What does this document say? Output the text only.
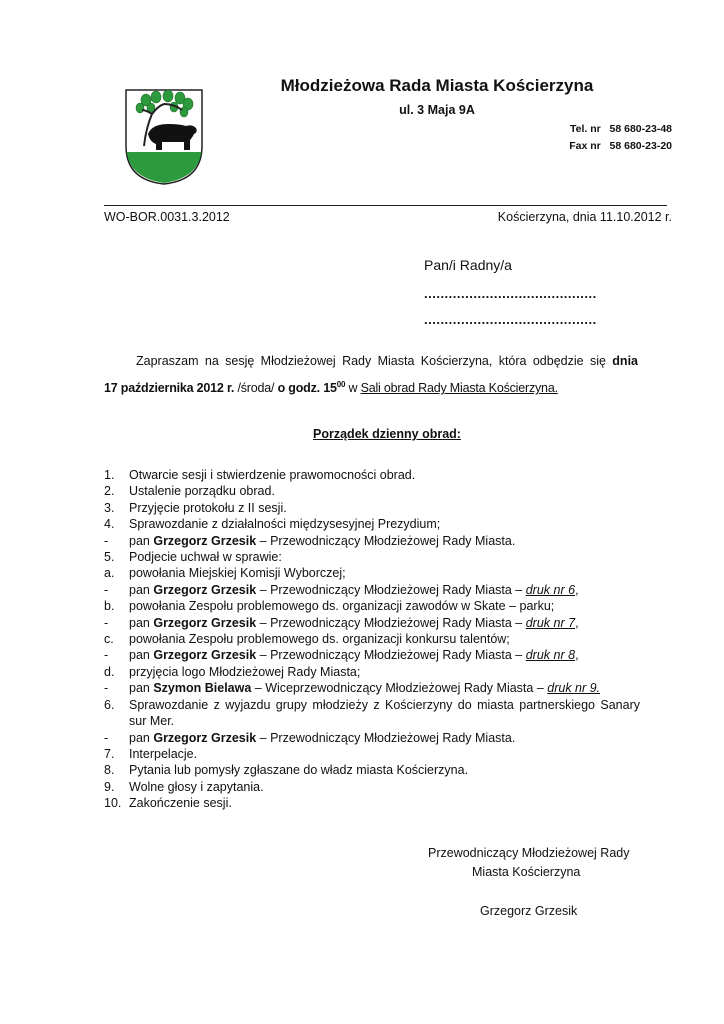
Młodzieżowa Rada Miasta Kościerzyna
ul. 3 Maja 9A
Tel. nr 58 680-23-48
Fax nr 58 680-23-20
WO-BOR.0031.3.2012	Kościerzyna, dnia 11.10.2012 r.
Pan/i Radny/a
..........................................
..........................................
Zapraszam na sesję Młodzieżowej Rady Miasta Kościerzyna, która odbędzie się dnia
17 października 2012 r. /środa/ o godz. $15^{00}$ w Sali obrad Rady Miasta Kościerzyna.
Porządek dzienny obrad:
1.	Otwarcie sesji i stwierdzenie prawomocności obrad.
2.	Ustalenie porządku obrad.
3.	Przyjęcie protokołu z II sesji.
4.	Sprawozdanie z działalności międzysesyjnej Prezydium;
-	pan Grzegorz Grzesik – Przewodniczący Młodzieżowej Rady Miasta.
5.	Podjecie uchwał w sprawie:
a.	powołania Miejskiej Komisji Wyborczej;
-	pan Grzegorz Grzesik – Przewodniczący Młodzieżowej Rady Miasta – druk nr 6,
b.	powołania Zespołu problemowego ds. organizacji zawodów w Skate – parku;
-	pan Grzegorz Grzesik – Przewodniczący Młodzieżowej Rady Miasta – druk nr 7,
c.	powołania Zespołu problemowego ds. organizacji konkursu talentów;
-	pan Grzegorz Grzesik – Przewodniczący Młodzieżowej Rady Miasta – druk nr 8,
d.	przyjęcia logo Młodzieżowej Rady Miasta;
-	pan Szymon Bielawa – Wiceprzewodniczący Młodzieżowej Rady Miasta – druk nr 9.
6.	Sprawozdanie z wyjazdu grupy młodzieży z Kościerzyny do miasta partnerskiego Sanary sur Mer.
-	pan Grzegorz Grzesik – Przewodniczący Młodzieżowej Rady Miasta.
7.	Interpelacje.
8.	Pytania lub pomysły zgłaszane do władz miasta Kościerzyna.
9.	Wolne głosy i zapytania.
10. Zakończenie sesji.
Przewodniczący Młodzieżowej Rady
Miasta Kościerzyna
Grzegorz Grzesik
